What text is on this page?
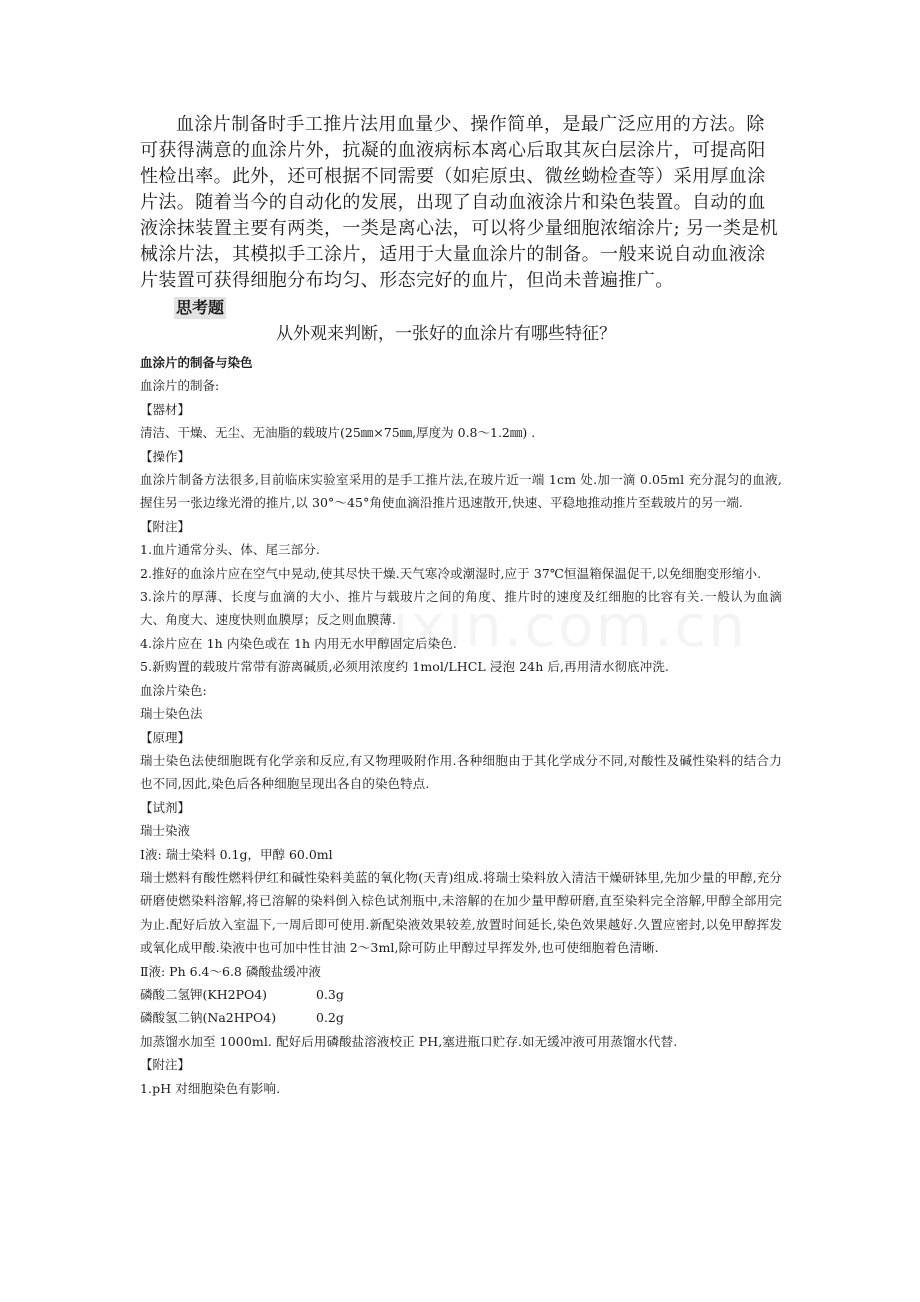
血涂片制备时手工推片法用血量少、操作简单，是最广泛应用的方法。除可获得满意的血涂片外，抗凝的血液病标本离心后取其灰白层涂片，可提高阳性检出率。此外，还可根据不同需要（如疟原虫、微丝蚴检查等）采用厚血涂片法。随着当今的自动化的发展，出现了自动血液涂片和染色装置。自动的血液涂抹装置主要有两类，一类是离心法，可以将少量细胞浓缩涂片; 另一类是机械涂片法，其模拟手工涂片，适用于大量血涂片的制备。一般来说自动血液涂片装置可获得细胞分布均匀、形态完好的血片，但尚未普遍推广。

思考题

从外观来判断，一张好的血涂片有哪些特征？

血涂片的制备与染色

血涂片的制备:

【器材】

清洁、干燥、无尘、无油脂的载玻片(25㎜×75㎜,厚度为 0.8～1.2㎜) .

【操作】

血涂片制备方法很多,目前临床实验室采用的是手工推片法,在玻片近一端 1cm 处.加一滴 0.05ml 充分混匀的血液,握住另一张边缘光滑的推片,以 30°～45°角使血滴沿推片迅速散开,快速、平稳地推动推片至载玻片的另一端.

【附注】

1.血片通常分头、体、尾三部分.

2.推好的血涂片应在空气中晃动,使其尽快干燥.天气寒冷或潮湿时,应于 37℃恒温箱保温促干,以免细胞变形缩小.

3.涂片的厚薄、长度与血滴的大小、推片与载玻片之间的角度、推片时的速度及红细胞的比容有关.一般认为血滴大、角度大、速度快则血膜厚；反之则血膜薄.

4.涂片应在 1h 内染色或在 1h 内用无水甲醇固定后染色.

5.新购置的载玻片常带有游离碱质,必须用浓度约 1mol/LHCL 浸泡 24h 后,再用清水彻底冲洗.

血涂片染色:

瑞士染色法

【原理】

瑞士染色法使细胞既有化学亲和反应,有又物理吸附作用.各种细胞由于其化学成分不同,对酸性及碱性染料的结合力也不同,因此,染色后各种细胞呈现出各自的染色特点.

【试剂】

瑞士染液

Ⅰ液: 瑞士染料 0.1g，甲醇 60.0ml

瑞士燃料有酸性燃料伊红和碱性染料美蓝的氧化物(天青)组成.将瑞士染料放入清洁干燥研钵里,先加少量的甲醇,充分研磨使燃染料溶解,将已溶解的染料倒入棕色试剂瓶中,未溶解的在加少量甲醇研磨,直至染料完全溶解,甲醇全部用完为止.配好后放入室温下,一周后即可使用.新配染液效果较差,放置时间延长,染色效果越好.久置应密封,以免甲醇挥发或氧化成甲酸.染液中也可加中性甘油 2～3ml,除可防止甲醇过早挥发外,也可使细胞着色清晰.

Ⅱ液: Ph 6.4～6.8 磷酸盐缓冲液

磷酸二氢钾(KH2PO4)	0.3g
磷酸氢二钠(Na2HPO4)	0.2g

加蒸馏水加至 1000ml. 配好后用磷酸盐溶液校正 PH,塞进瓶口贮存.如无缓冲液可用蒸馏水代替.

【附注】

1.pH 对细胞染色有影响.
